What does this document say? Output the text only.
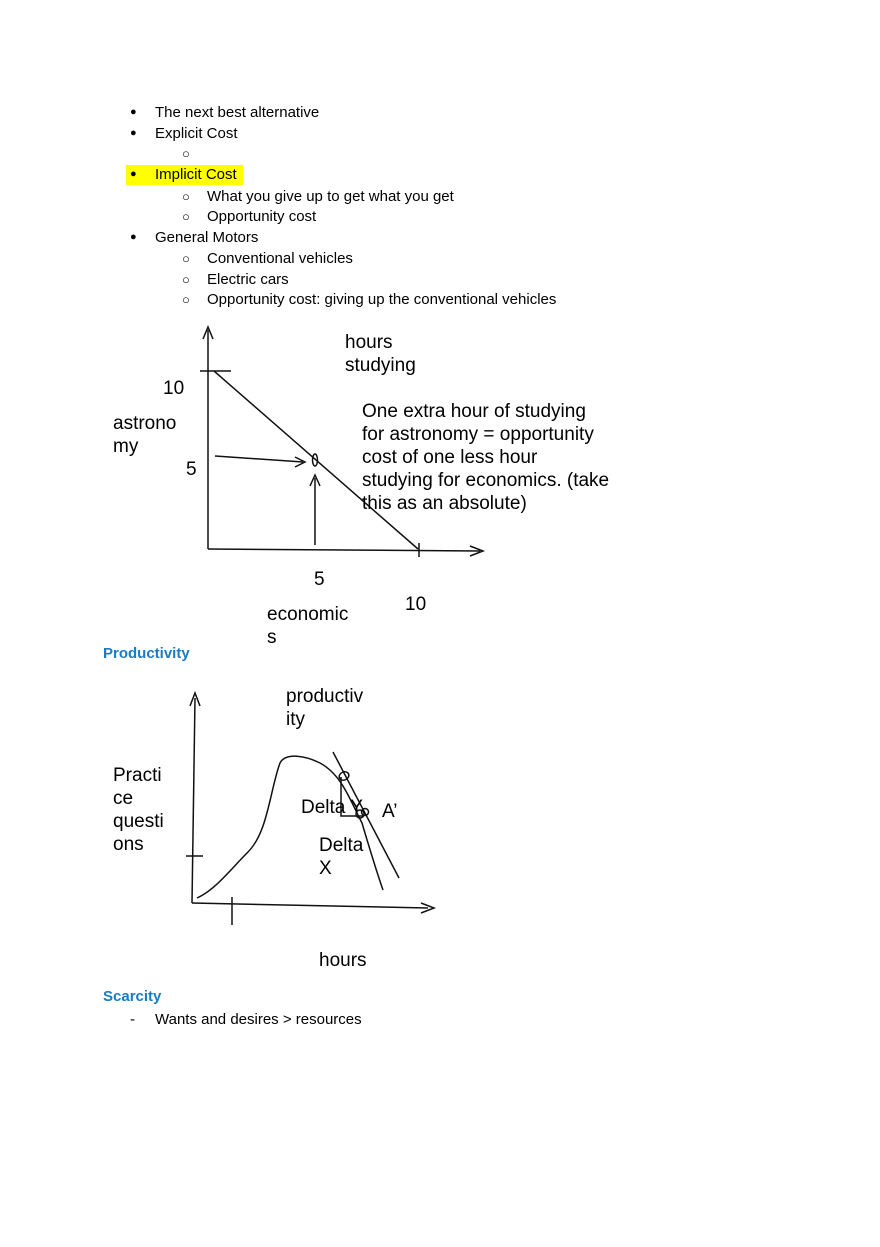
● The next best alternative
● Explicit Cost
○
● Implicit Cost
○ What you give up to get what you get
○ Opportunity cost
● General Motors
○ Conventional vehicles
○ Electric cars
○ Opportunity cost: giving up the conventional vehicles
hours
studying
10
astrono
my
5
One extra hour of studying
for astronomy = opportunity
cost of one less hour
studying for economics. (take
this as an absolute)
5
10
economic
s
Productivity
productiv
ity
Practi
ce
questi
ons
Delta Y A’
Delta
X
hours
Scarcity
- Wants and desires > resources
